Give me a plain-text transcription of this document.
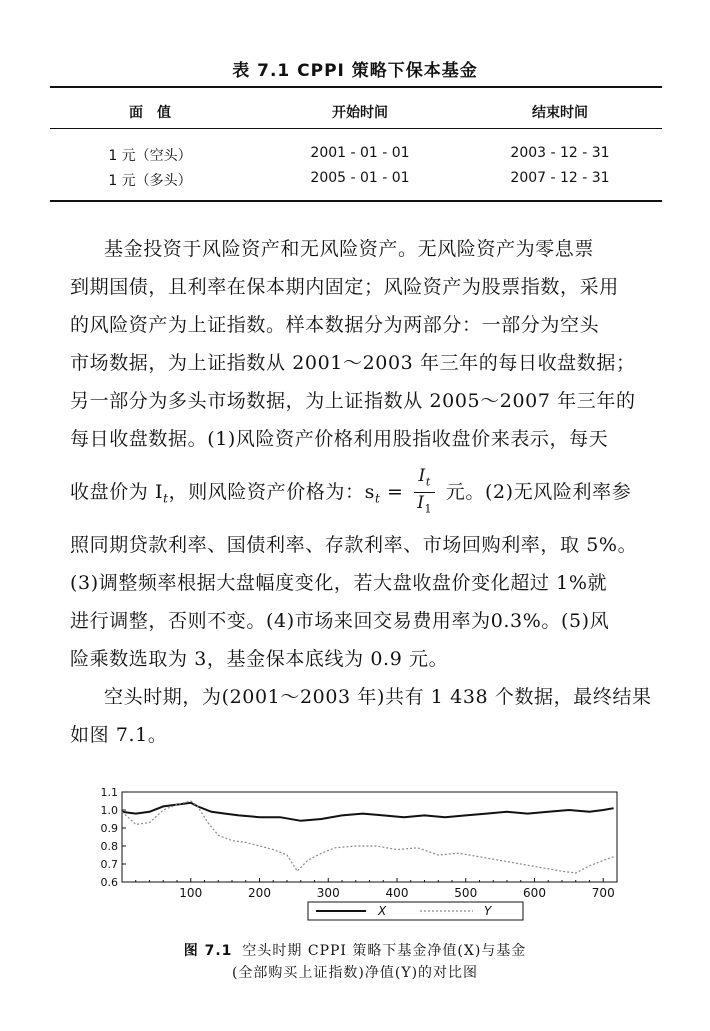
表 7.1 CPPI 策略下保本基金
面　值	开始时间	结束时间
1 元（空头）	2001 - 01 - 01	2003 - 12 - 31
1 元（多头）	2005 - 01 - 01	2007 - 12 - 31
基金投资于风险资产和无风险资产。无风险资产为零息票
到期国债，且利率在保本期内固定；风险资产为股票指数，采用
的风险资产为上证指数。样本数据分为两部分：一部分为空头
市场数据，为上证指数从 2001～2003 年三年的每日收盘数据；
另一部分为多头市场数据，为上证指数从 2005～2007 年三年的
每日收盘数据。(1)风险资产价格利用股指收盘价来表示，每天
收盘价为 $I_t$，则风险资产价格为：$s_t = \frac{I_t}{I_1}$ 元。(2)无风险利率参
照同期贷款利率、国债利率、存款利率、市场回购利率，取 5%。
(3)调整频率根据大盘幅度变化，若大盘收盘价变化超过 1%就
进行调整，否则不变。(4)市场来回交易费用率为0.3%。(5)风
险乘数选取为 3，基金保本底线为 0.9 元。
空头时期，为(2001～2003 年)共有 1 438 个数据，最终结果
如图 7.1。
0.6
0.7
0.8
0.9
1.0
1.1
100	200	300	400	500	600	700
X	Y
图 7.1 空头时期 CPPI 策略下基金净值(X)与基金
(全部购买上证指数)净值(Y)的对比图
